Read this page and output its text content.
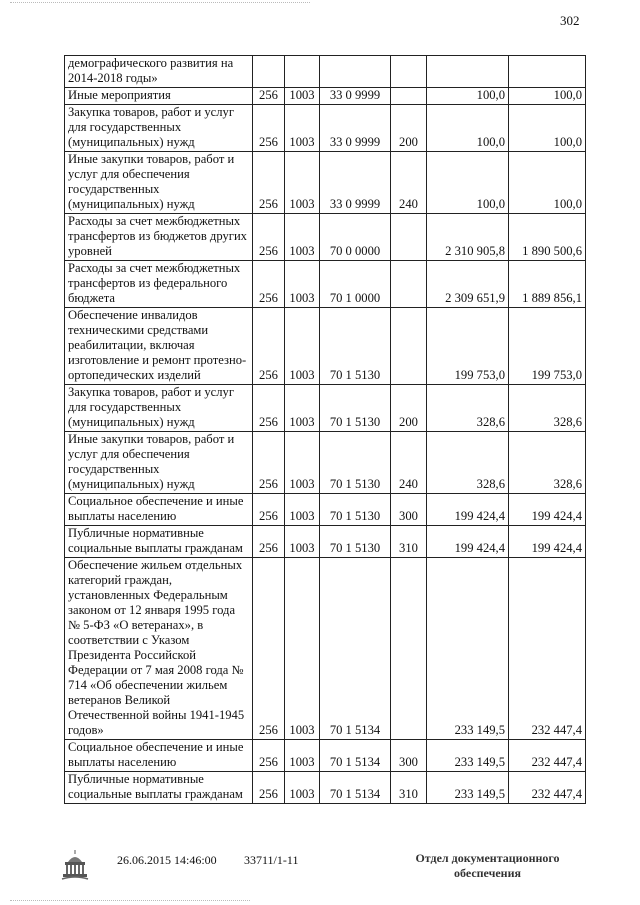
302
демографического развития на 2014-2018 годы»						
Иные мероприятия	256	1003	33 0 9999		100,0	100,0
Закупка товаров, работ и услуг для государственных (муниципальных) нужд	256	1003	33 0 9999	200	100,0	100,0
Иные закупки товаров, работ и услуг для обеспечения государственных (муниципальных) нужд	256	1003	33 0 9999	240	100,0	100,0
Расходы за счет межбюджетных трансфертов из бюджетов других уровней	256	1003	70 0 0000		2 310 905,8	1 890 500,6
Расходы за счет межбюджетных трансфертов из федерального бюджета	256	1003	70 1 0000		2 309 651,9	1 889 856,1
Обеспечение инвалидов техническими средствами реабилитации, включая изготовление и ремонт протезно-ортопедических изделий	256	1003	70 1 5130		199 753,0	199 753,0
Закупка товаров, работ и услуг для государственных (муниципальных) нужд	256	1003	70 1 5130	200	328,6	328,6
Иные закупки товаров, работ и услуг для обеспечения государственных (муниципальных) нужд	256	1003	70 1 5130	240	328,6	328,6
Социальное обеспечение и иные выплаты населению	256	1003	70 1 5130	300	199 424,4	199 424,4
Публичные нормативные социальные выплаты гражданам	256	1003	70 1 5130	310	199 424,4	199 424,4
Обеспечение жильем отдельных категорий граждан, установленных Федеральным законом от 12 января 1995 года № 5-ФЗ «О ветеранах», в соответствии с Указом Президента Российской Федерации от 7 мая 2008 года № 714 «Об обеспечении жильем ветеранов Великой Отечественной войны 1941-1945 годов»	256	1003	70 1 5134		233 149,5	232 447,4
Социальное обеспечение и иные выплаты населению	256	1003	70 1 5134	300	233 149,5	232 447,4
Публичные нормативные социальные выплаты гражданам	256	1003	70 1 5134	310	233 149,5	232 447,4
26.06.2015 14:46:00 33711/1-11	Отдел документационного
обеспечения
